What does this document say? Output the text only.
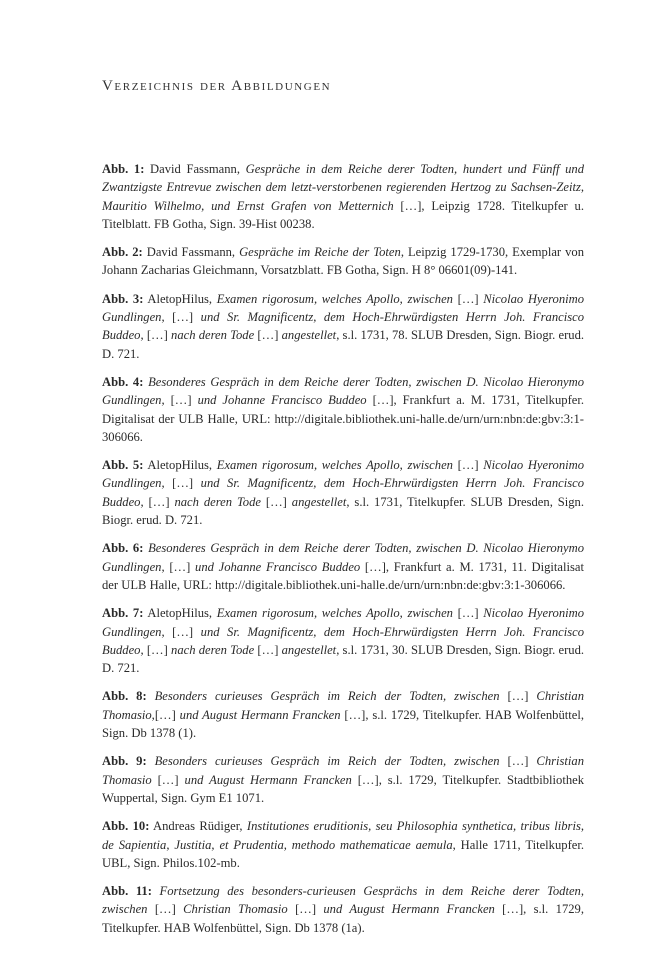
Verzeichnis der Abbildungen

Abb. 1: David Fassmann, Gespräche in dem Reiche derer Todten, hundert und Fünff und Zwantzigste Entrevue zwischen dem letzt-verstorbenen regierenden Hertzog zu Sachsen-Zeitz, Mauritio Wilhelmo, und Ernst Grafen von Metternich […], Leipzig 1728. Titelkupfer u. Titelblatt. FB Gotha, Sign. 39-Hist 00238.

Abb. 2: David Fassmann, Gespräche im Reiche der Toten, Leipzig 1729-1730, Exemplar von Johann Zacharias Gleichmann, Vorsatzblatt. FB Gotha, Sign. H 8° 06601(09)-141.

Abb. 3: AletopHilus, Examen rigorosum, welches Apollo, zwischen […] Nicolao Hyeronimo Gundlingen, […] und Sr. Magnificentz, dem Hoch-Ehrwürdigsten Herrn Joh. Francisco Buddeo, […] nach deren Tode […] angestellet, s.l. 1731, 78. SLUB Dresden, Sign. Biogr. erud. D. 721.

Abb. 4: Besonderes Gespräch in dem Reiche derer Todten, zwischen D. Nicolao Hieronymo Gundlingen, […] und Johanne Francisco Buddeo […], Frankfurt a. M. 1731, Titelkupfer. Digitalisat der ULB Halle, URL: http://digitale.bibliothek.uni-halle.de/urn/urn:nbn:de:gbv:3:1-306066.

Abb. 5: AletopHilus, Examen rigorosum, welches Apollo, zwischen […] Nicolao Hyeronimo Gundlingen, […] und Sr. Magnificentz, dem Hoch-Ehrwürdigsten Herrn Joh. Francisco Buddeo, […] nach deren Tode […] angestellet, s.l. 1731, Titelkupfer. SLUB Dresden, Sign. Biogr. erud. D. 721.

Abb. 6: Besonderes Gespräch in dem Reiche derer Todten, zwischen D. Nicolao Hieronymo Gundlingen, […] und Johanne Francisco Buddeo […], Frankfurt a. M. 1731, 11. Digitalisat der ULB Halle, URL: http://digitale.bibliothek.uni-halle.de/urn/urn:nbn:de:gbv:3:1-306066.

Abb. 7: AletopHilus, Examen rigorosum, welches Apollo, zwischen […] Nicolao Hyeronimo Gundlingen, […] und Sr. Magnificentz, dem Hoch-Ehrwürdigsten Herrn Joh. Francisco Buddeo, […] nach deren Tode […] angestellet, s.l. 1731, 30. SLUB Dresden, Sign. Biogr. erud. D. 721.

Abb. 8: Besonders curieuses Gespräch im Reich der Todten, zwischen […] Christian Thomasio,[…] und August Hermann Francken […], s.l. 1729, Titelkupfer. HAB Wolfenbüttel, Sign. Db 1378 (1).

Abb. 9: Besonders curieuses Gespräch im Reich der Todten, zwischen […] Christian Thomasio […] und August Hermann Francken […], s.l. 1729, Titelkupfer. Stadtbibliothek Wuppertal, Sign. Gym E1 1071.

Abb. 10: Andreas Rüdiger, Institutiones eruditionis, seu Philosophia synthetica, tribus libris, de Sapientia, Justitia, et Prudentia, methodo mathematicae aemula, Halle 1711, Titelkupfer. UBL, Sign. Philos.102-mb.

Abb. 11: Fortsetzung des besonders-curieusen Gesprächs in dem Reiche derer Todten, zwischen […] Christian Thomasio […] und August Hermann Francken […], s.l. 1729, Titelkupfer. HAB Wolfenbüttel, Sign. Db 1378 (1a).
